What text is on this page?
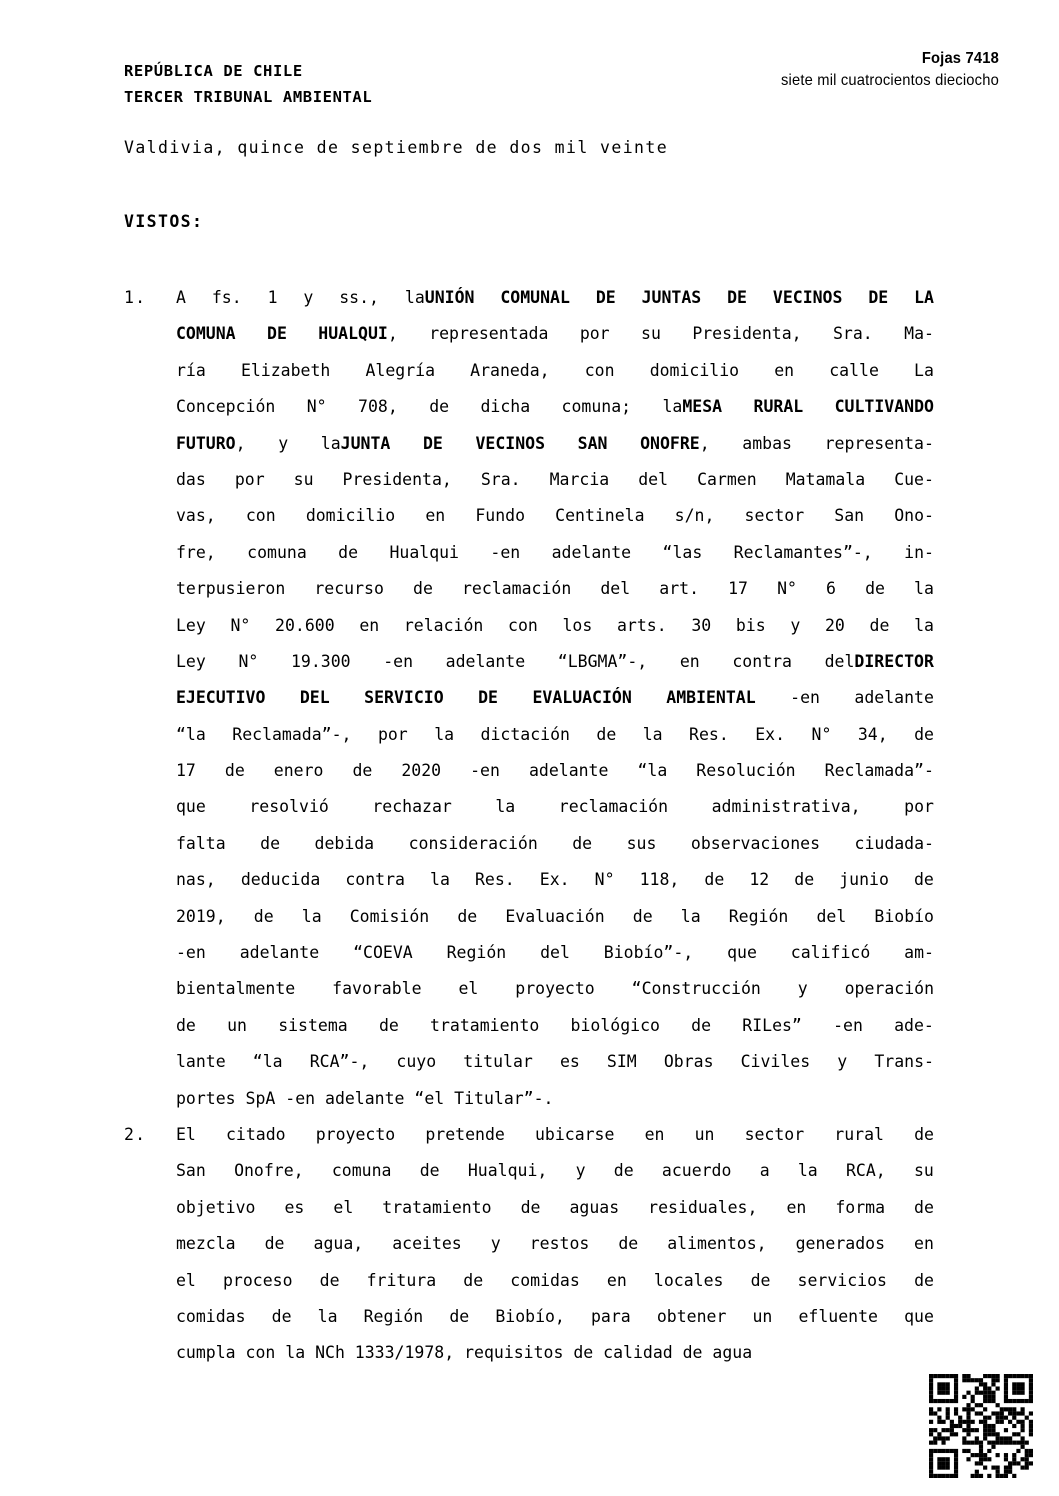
REPÚBLICA DE CHILE
TERCER TRIBUNAL AMBIENTAL
Fojas 7418
siete mil cuatrocientos dieciocho
Valdivia, quince de septiembre de dos mil veinte
VISTOS:
1.	A fs. 1 y ss., laUNIÓN COMUNAL DE JUNTAS DE VECINOS DE LA
COMUNA DE HUALQUI, representada por su Presidenta, Sra. Ma-
ría Elizabeth Alegría Araneda, con domicilio en calle La
Concepción N° 708, de dicha comuna; laMESA RURAL CULTIVANDO
FUTURO, y laJUNTA DE VECINOS SAN ONOFRE, ambas representa-
das por su Presidenta, Sra. Marcia del Carmen Matamala Cue-
vas, con domicilio en Fundo Centinela s/n, sector San Ono-
fre, comuna de Hualqui -en adelante “las Reclamantes”-, in-
terpusieron recurso de reclamación del art. 17 N° 6 de la
Ley N° 20.600 en relación con los arts. 30 bis y 20 de la
Ley N° 19.300 -en adelante “LBGMA”-, en contra delDIRECTOR
EJECUTIVO DEL SERVICIO DE EVALUACIÓN AMBIENTAL -en adelante
“la Reclamada”-, por la dictación de la Res. Ex. N° 34, de
17 de enero de 2020 -en adelante “la Resolución Reclamada”-
que	resolvió	rechazar	la	reclamación	administrativa,	por
falta de debida consideración de sus observaciones ciudada-
nas, deducida contra la Res. Ex. N° 118, de 12 de junio de
2019, de la Comisión de Evaluación de la Región del Biobío
-en adelante “COEVA Región del Biobío”-, que calificó am-
bientalmente favorable el proyecto “Construcción y operación
de un sistema de tratamiento biológico de RILes” -en ade-
lante “la RCA”-, cuyo titular es SIM Obras Civiles y Trans-
portes SpA -en adelante “el Titular”-.
2.	El citado proyecto pretende ubicarse en un sector rural de
San Onofre, comuna de Hualqui, y de acuerdo a la RCA, su
objetivo es el tratamiento de aguas residuales, en forma de
mezcla de agua, aceites y restos de alimentos, generados en
el proceso de fritura de comidas en locales de servicios de
comidas de la Región de Biobío, para obtener un efluente que
cumpla con la NCh 1333/1978, requisitos de calidad de agua
